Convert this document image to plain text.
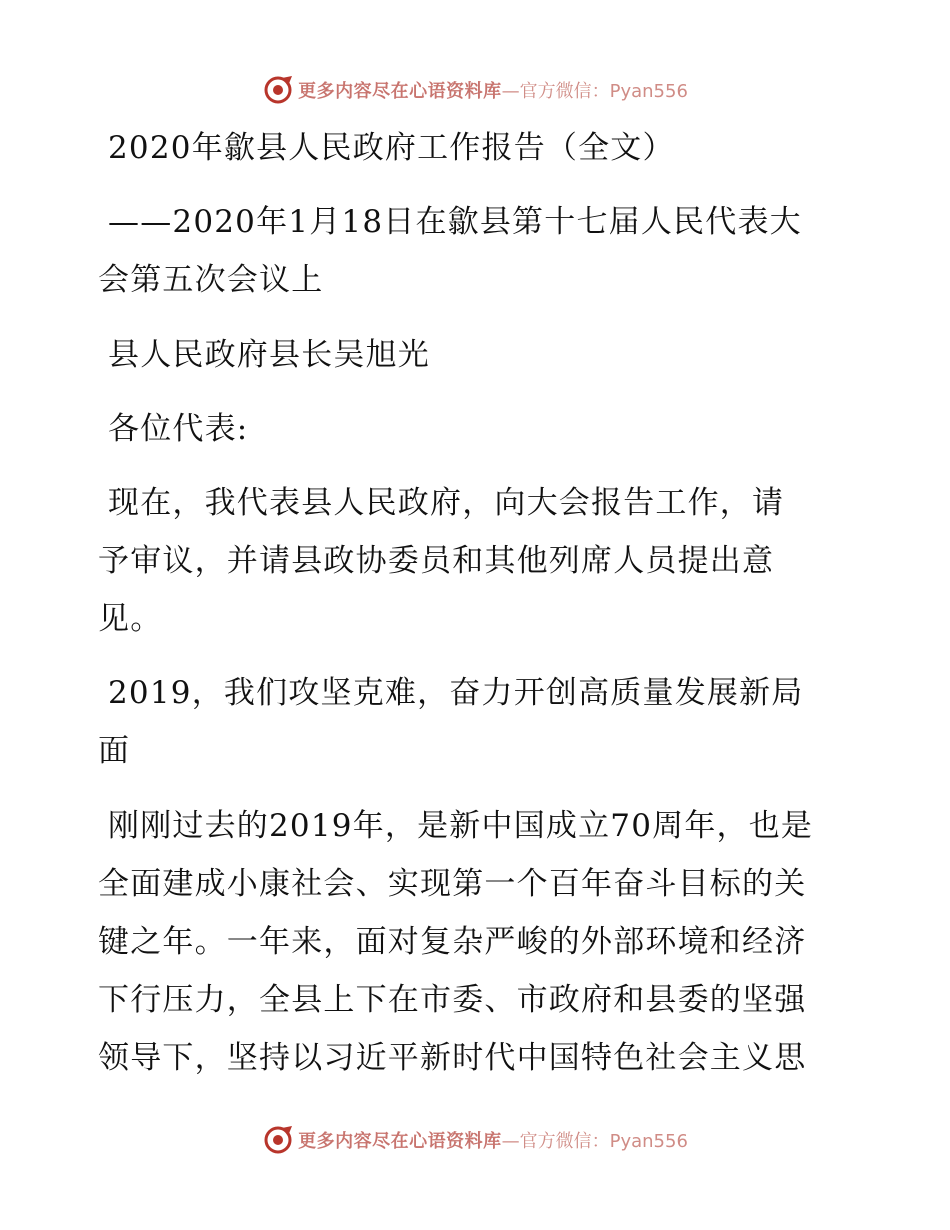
更多内容尽在心语资料库 —官方微信：Pyan556
2020年歙县人民政府工作报告（全文）
——2020年1月18日在歙县第十七届人民代表大
会第五次会议上
县人民政府县长吴旭光
各位代表:
现在，我代表县人民政府，向大会报告工作，请
予审议，并请县政协委员和其他列席人员提出意
见。
2019，我们攻坚克难，奋力开创高质量发展新局
面
刚刚过去的2019年，是新中国成立70周年，也是
全面建成小康社会、实现第一个百年奋斗目标的关
键之年。一年来，面对复杂严峻的外部环境和经济
下行压力，全县上下在市委、市政府和县委的坚强
领导下，坚持以习近平新时代中国特色社会主义思
更多内容尽在心语资料库 —官方微信：Pyan556
